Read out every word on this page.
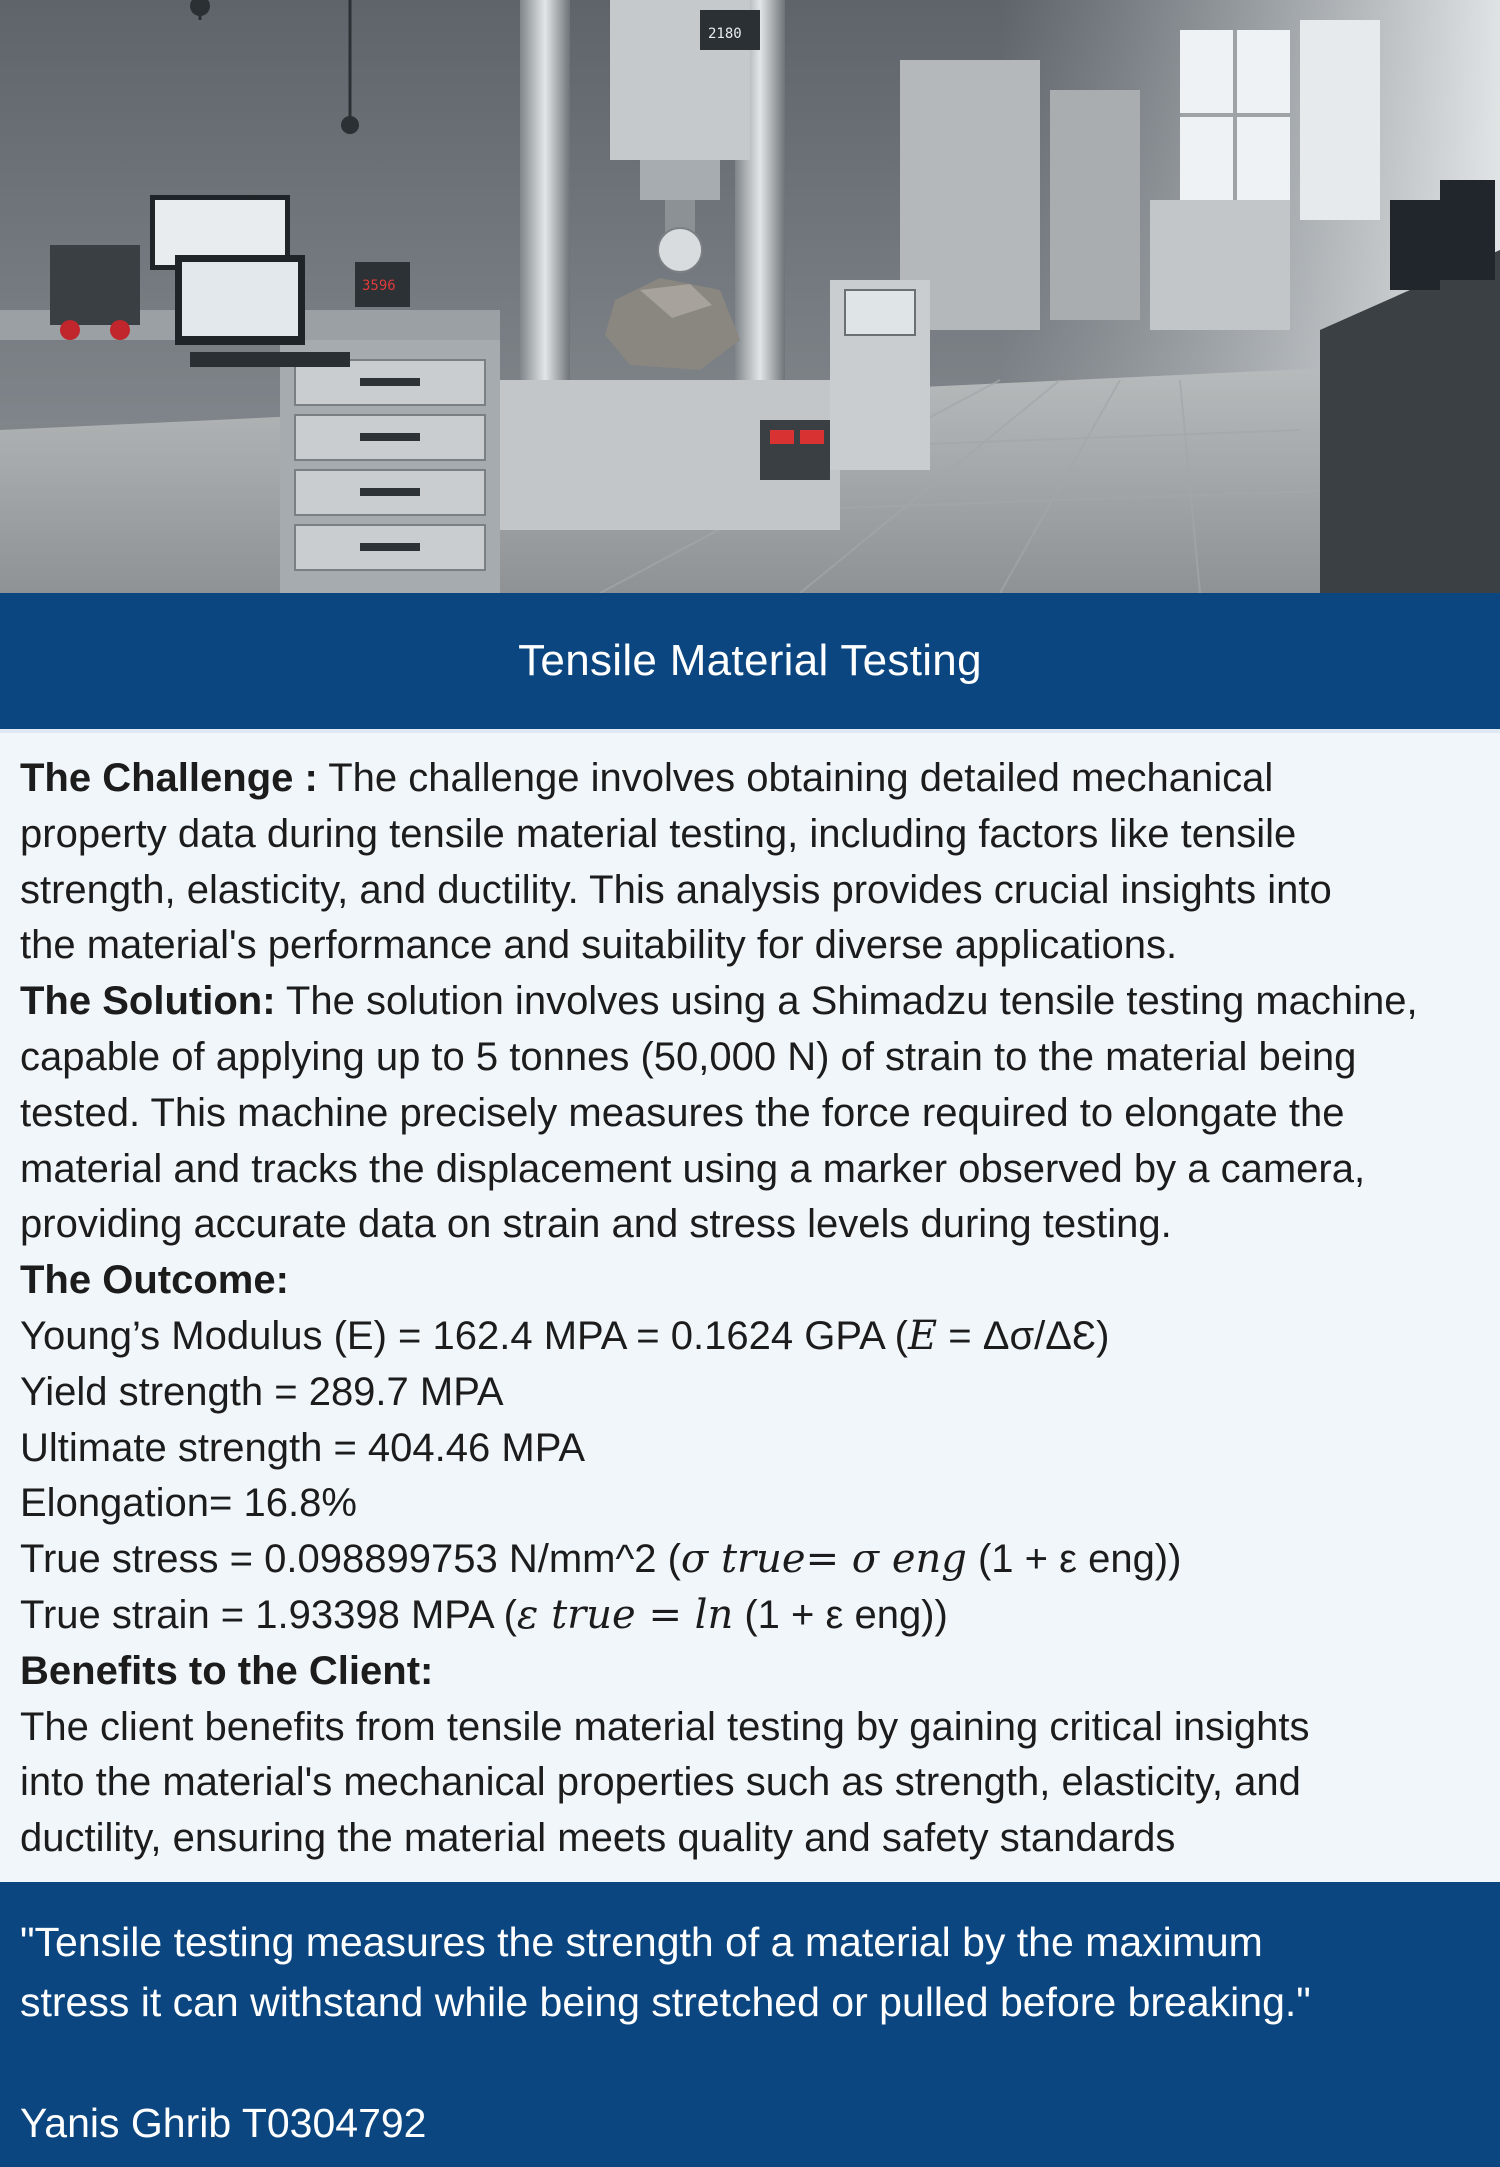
3596
2180
Tensile Material Testing
The Challenge : The challenge involves obtaining detailed mechanical
property data during tensile material testing, including factors like tensile
strength, elasticity, and ductility. This analysis provides crucial insights into
the material's performance and suitability for diverse applications.
The Solution: The solution involves using a Shimadzu tensile testing machine,
capable of applying up to 5 tonnes (50,000 N) of strain to the material being
tested. This machine precisely measures the force required to elongate the
material and tracks the displacement using a marker observed by a camera,
providing accurate data on strain and stress levels during testing.
The Outcome:
Young’s Modulus (E) = 162.4 MPA = 0.1624 GPA (E = Δσ/ΔƐ)
Yield strength = 289.7 MPA
Ultimate strength = 404.46 MPA
Elongation= 16.8%
True stress = 0.098899753 N/mm^2 (σ true= σ eng (1 + ε eng))
True strain = 1.93398 MPA (ε true = ln (1 + ε eng))
Benefits to the Client:
The client benefits from tensile material testing by gaining critical insights
into the material's mechanical properties such as strength, elasticity, and
ductility, ensuring the material meets quality and safety standards
"Tensile testing measures the strength of a material by the maximum
stress it can withstand while being stretched or pulled before breaking."
Yanis Ghrib T0304792
